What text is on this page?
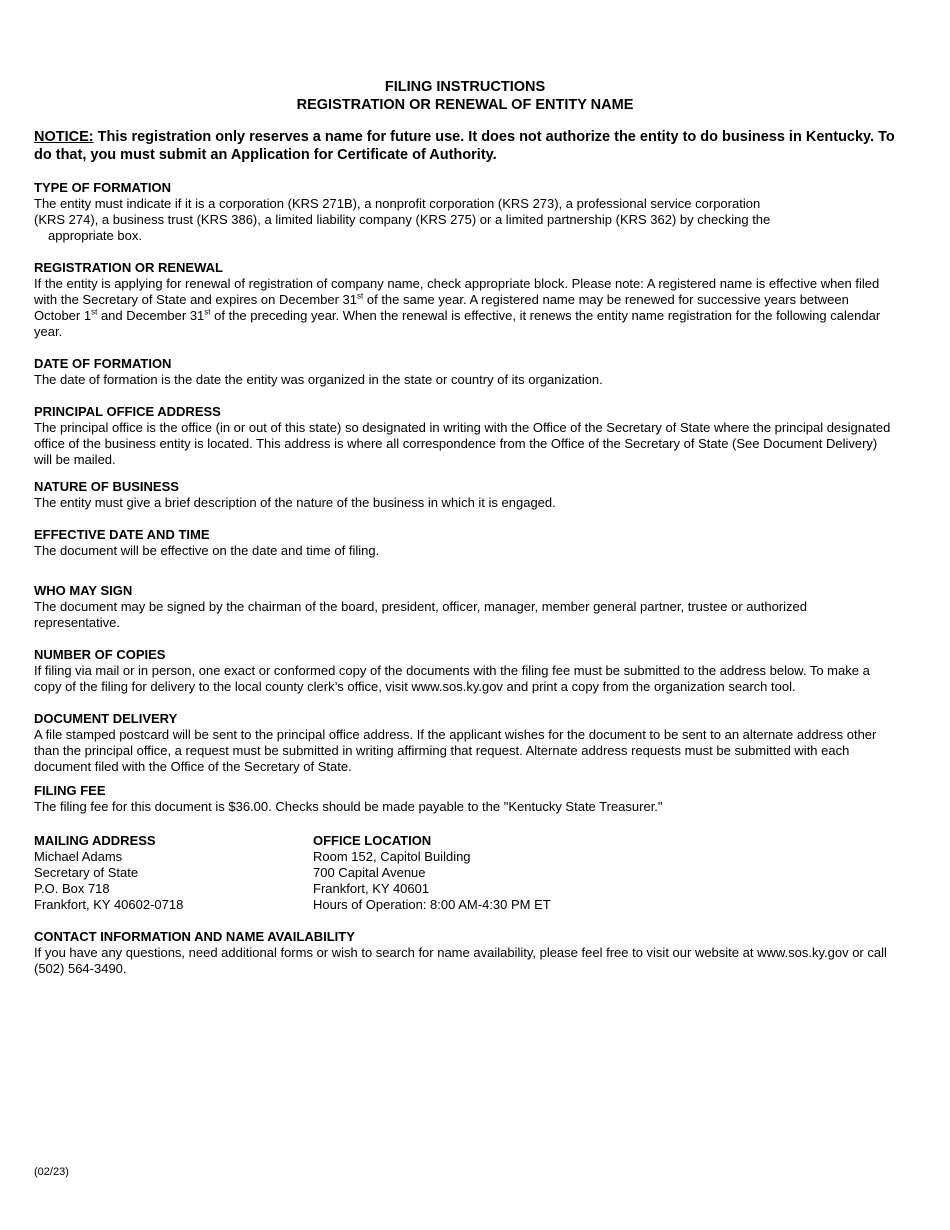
FILING INSTRUCTIONS

REGISTRATION OR RENEWAL OF ENTITY NAME

NOTICE: This registration only reserves a name for future use. It does not authorize the entity to do business in Kentucky. To do that, you must submit an Application for Certificate of Authority.

TYPE OF FORMATION

The entity must indicate if it is a corporation (KRS 271B), a nonprofit corporation (KRS 273), a professional service corporation

(KRS 274), a business trust (KRS 386), a limited liability company (KRS 275) or a limited partnership (KRS 362) by checking the

appropriate box.

REGISTRATION OR RENEWAL

If the entity is applying for renewal of registration of company name, check appropriate block. Please note: A registered name is effective when filed with the Secretary of State and expires on December 31st of the same year. A registered name may be renewed for successive years between October 1st and December 31st of the preceding year. When the renewal is effective, it renews the entity name registration for the following calendar year.

DATE OF FORMATION

The date of formation is the date the entity was organized in the state or country of its organization.

PRINCIPAL OFFICE ADDRESS

The principal office is the office (in or out of this state) so designated in writing with the Office of the Secretary of State where the principal designated office of the business entity is located. This address is where all correspondence from the Office of the Secretary of State (See Document Delivery) will be mailed.

NATURE OF BUSINESS

The entity must give a brief description of the nature of the business in which it is engaged.

EFFECTIVE DATE AND TIME

The document will be effective on the date and time of filing.

WHO MAY SIGN

The document may be signed by the chairman of the board, president, officer, manager, member general partner, trustee or authorized representative.

NUMBER OF COPIES

If filing via mail or in person, one exact or conformed copy of the documents with the filing fee must be submitted to the address below. To make a copy of the filing for delivery to the local county clerk’s office, visit www.sos.ky.gov and print a copy from the organization search tool.

DOCUMENT DELIVERY

A file stamped postcard will be sent to the principal office address. If the applicant wishes for the document to be sent to an alternate address other than the principal office, a request must be submitted in writing affirming that request. Alternate address requests must be submitted with each document filed with the Office of the Secretary of State.

FILING FEE

The filing fee for this document is $36.00. Checks should be made payable to the "Kentucky State Treasurer."

MAILING ADDRESS
Michael Adams
Secretary of State
P.O. Box 718
Frankfort, KY 40602-0718
OFFICE LOCATION
Room 152, Capitol Building
700 Capital Avenue
Frankfort, KY 40601
Hours of Operation: 8:00 AM-4:30 PM ET
CONTACT INFORMATION AND NAME AVAILABILITY

If you have any questions, need additional forms or wish to search for name availability, please feel free to visit our website at www.sos.ky.gov or call (502) 564-3490.

(02/23)
